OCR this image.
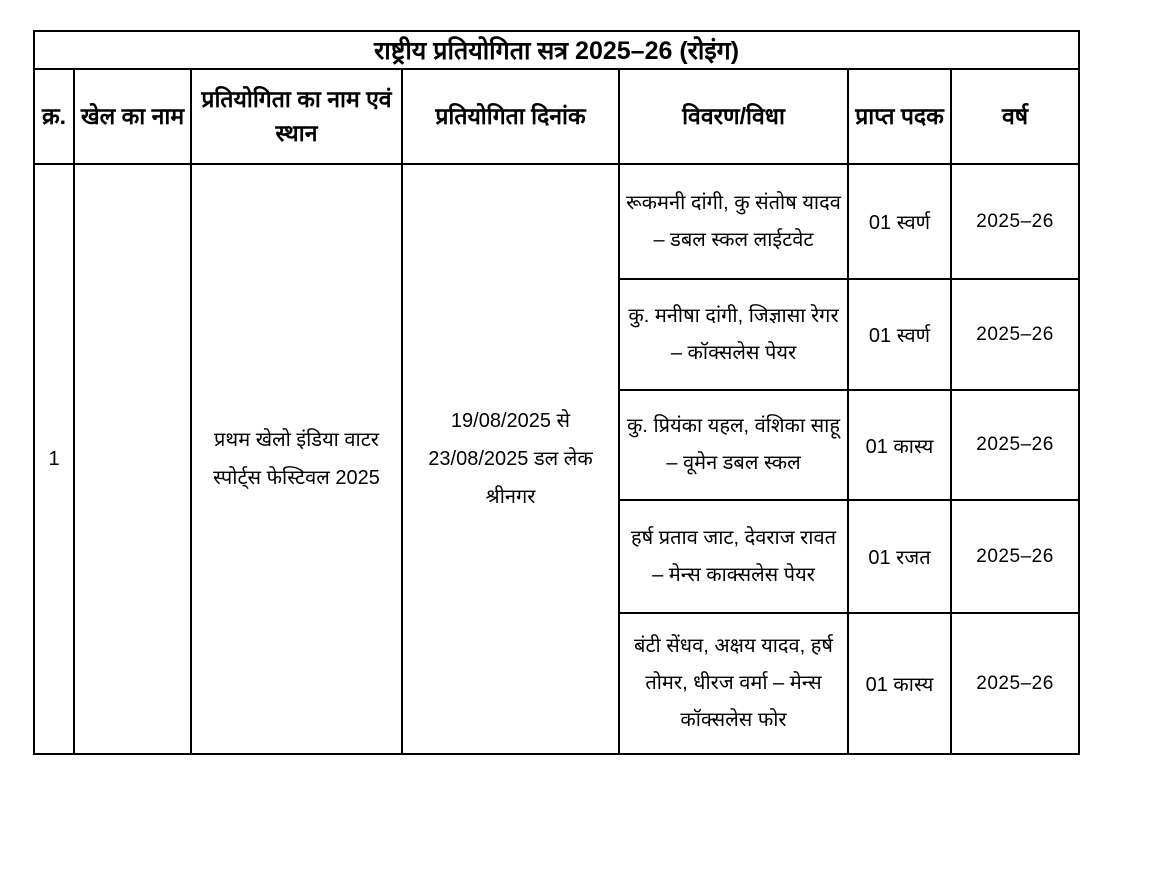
राष्ट्रीय प्रतियोगिता सत्र 2025–26 (रोइंग)						
क्र.	खेल का नाम	प्रतियोगिता का नाम एवं स्थान	प्रतियोगिता दिनांक	विवरण/विधा	प्राप्त पदक	वर्ष
1		प्रथम खेलो इंडिया वाटर स्पोर्ट्स फेस्टिवल 2025	19/08/2025 से 23/08/2025 डल लेक श्रीनगर	रूकमनी दांगी, कु संतोष यादव – डबल स्कल लाईटवेट	01 स्वर्ण	2025–26
				कु. मनीषा दांगी, जिज्ञासा रेगर – कॉक्सलेस पेयर	01 स्वर्ण	2025–26
				कु. प्रियंका यहल, वंशिका साहू – वूमेन डबल स्कल	01 कास्य	2025–26
				हर्ष प्रताव जाट, देवराज रावत – मेन्स काक्सलेस पेयर	01 रजत	2025–26
				बंटी सेंधव, अक्षय यादव, हर्ष तोमर, धीरज वर्मा – मेन्स कॉक्सलेस फोर	01 कास्य	2025–26
